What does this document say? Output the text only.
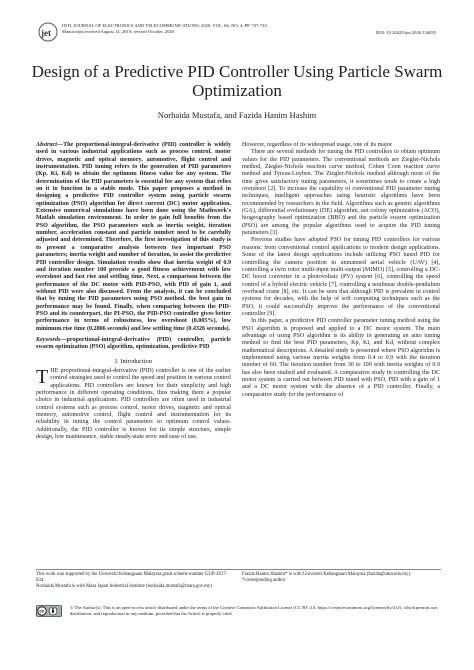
jet
INTL JOURNAL OF ELECTRONICS AND TELECOMMUNICATIONS, 2020, VOL. 66, NO. 4, PP. 737-743
Manuscript received August 14, 2019; revised October, 2020.	DOI: 10.24425/ijet.2020.134035
Design of a Predictive PID Controller Using Particle Swarm Optimization
Norhaida Mustafa, and Fazida Hanim Hashim

Abstract—The proportional-integral-derivative (PID) controller is widely used in various industrial applications such as process control, motor drives, magnetic and optical memory, automotive, flight control and instrumentation. PID tuning refers to the generation of PID parameters (Kp, Ki, Kd) to obtain the optimum fitness value for any system. The determination of the PID parameters is essential for any system that relies on it to function in a stable mode. This paper proposes a method in designing a predictive PID controller system using particle swarm optimization (PSO) algorithm for direct current (DC) motor application. Extensive numerical simulations have been done using the Mathwork's Matlab simulation environment. In order to gain full benefits from the PSO algorithm, the PSO parameters such as inertia weight, iteration number, acceleration constant and particle number need to be carefully adjusted and determined. Therefore, the first investigation of this study is to present a comparative analysis between two important PSO parameters; inertia weight and number of iteration, to assist the predictive PID controller design. Simulation results show that inertia weight of 0.9 and iteration number 100 provide a good fitness achievement with low overshoot and fast rise and settling time. Next, a comparison between the performance of the DC motor with PID-PSO, with PID of gain 1, and without PID were also discussed. From the analysis, it can be concluded that by tuning the PID parameters using PSO method, the best gain in performance may be found. Finally, when comparing between the PID-PSO and its counterpart, the PI-PSO, the PID-PSO controller gives better performance in terms of robustness, low overshoot (0.005%), low minimum rise time (0.2806 seconds) and low settling time (0.4326 seconds).

Keywords—proportional-integral-derivative (PID) controller, particle swarm optimization (PSO) algorithm, optimization, predictive PID

I. Introduction

THE proportional-integral-derivative (PID) controller is one of the earlier control strategies used to control the speed and position in various control applications. PID controllers are known for their simplicity and high performance in different operating conditions, thus making them a popular choice in industrial applications. PID controllers are often used in industrial control systems such as process control, motor drives, magnetic and optical memory, automotive control, flight control and instrumentation for its reliability in tuning the control parameters to optimum control values. Additionally, the PID controller is known for its simple structure, simple design, low maintenance, stable steady-state error and ease of use.

However, regardless of its widespread usage, one of its major

There are several methods for tuning the PID controllers to obtain optimum values for the PID parameters. The conventional methods are Ziegler-Nichols method, Ziegler-Nichols reaction curve method, Cohen Coon reaction curve method and Tyreus-Luyben. The Ziegler-Nichols method although most of the time gives satisfactory tuning parameters, it sometimes tends to create a high overshoot [2]. To increase the capability of conventional PID parameter tuning techniques, intelligent approaches using heuristic algorithms have been recommended by researchers in the field. Algorithms such as genetic algorithms (GA), differential evolutionary (DE) algorithm, ant colony optimization (ACO), biogeography based optimization (BBO) and the particle swarm optimization (PSO) are among the popular algorithms used to acquire the PID tuning parameters [3].

Previous studies have adopted PSO for tuning PID controllers for various reasons; from conventional control applications to modern design applications. Some of the latest design applications include utilizing PSO tuned PID for controlling the camera position in unmanned aerial vehicle (UAV) [4], controlling a twin rotor multi-input multi-output (MIMO) [5], controlling a DC-DC boost converter in a photovoltaic (PV) system [6], controlling the speed control of a hybrid electric vehicle [7], controlling a nonlinear double-pendulum overhead crane [8], etc. It can be seen that although PID is prevalent in control systems for decades, with the help of soft computing techniques such as the PSO, it could successfully improve the performance of the conventional controller [9].

In this paper, a predictive PID controller parameter tuning method using the PSO algorithm is proposed and applied to a DC motor system. The main advantage of using PSO algorithm is its ability in generating an auto tuning method to find the best PID parameters, Kp, Ki, and Kd, without complex mathematical descriptions. A detailed study is presented where PSO algorithm is implemented using various inertia weights from 0.4 to 0.9 with the iteration number of 60. The iteration number from 30 to 100 with inertia weights of 0.9 has also been studied and evaluated. A comparative study in controlling the DC motor system is carried out between PID tuned with PSO, PID with a gain of 1 and a DC motor system with the absence of a PID controller. Finally, a comparative study for the performance of

This work was supported by the Universiti Kebangsaan Malaysia grant scheme number GUP-2017-034.
Norhaida Mustafa is with Mara Japan Industrial Institute (norhaida.mustafa@mara.gov.my).
Fazida Hanim Hashim* is with Universiti Kebangsaan Malaysia (fazida@ukm.edu.my).
*corresponding author
cc
© The Author(s). This is an open-access article distributed under the terms of the Creative Commons Attribution License (CC BY 4.0, https://creativecommons.org/licenses/by/4.0/), which permits use, distribution, and reproduction in any medium, provided that the Article is properly cited.
